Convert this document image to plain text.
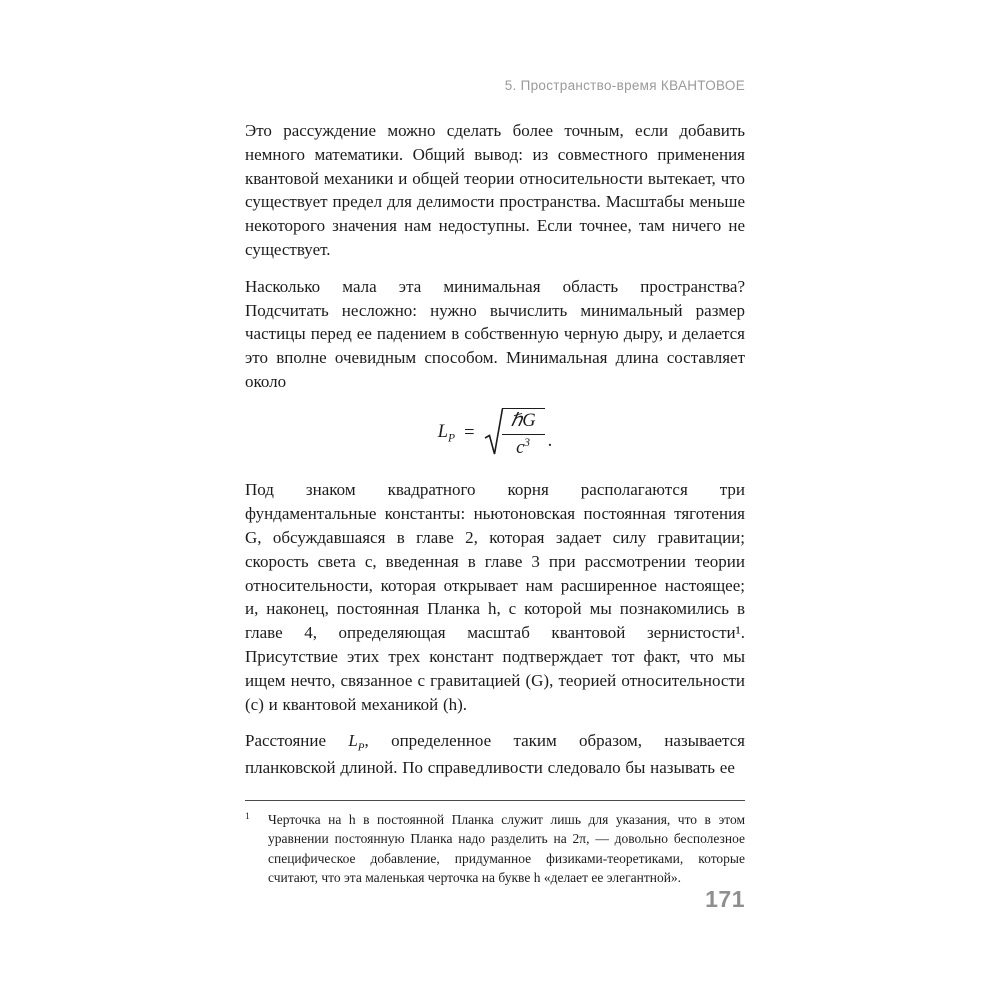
5. Пространство-время КВАНТОВОЕ

Это рассуждение можно сделать более точным, если добавить немного математики. Общий вывод: из совместного применения квантовой механики и общей теории относительности вытекает, что существует предел для делимости пространства. Масштабы меньше некоторого значения нам недоступны. Если точнее, там ничего не существует.

Насколько мала эта минимальная область пространства? Подсчитать несложно: нужно вычислить минимальный размер частицы перед ее падением в собственную черную дыру, и делается это вполне очевидным способом. Минимальная длина составляет около

$L_P = \frac{\text{ℏG}}{c^3}$ .

Под знаком квадратного корня располагаются три фундаментальные константы: ньютоновская постоянная тяготения G, обсуждавшаяся в главе 2, которая задает силу гравитации; скорость света c, введенная в главе 3 при рассмотрении теории относительности, которая открывает нам расширенное настоящее; и, наконец, постоянная Планка h, с которой мы познакомились в главе 4, определяющая масштаб квантовой зернистости¹. Присутствие этих трех констант подтверждает тот факт, что мы ищем нечто, связанное с гравитацией (G), теорией относительности (c) и квантовой механикой (h).

Расстояние $L_P$, определенное таким образом, называется планковской длиной. По справедливости следовало бы называть ее

1	Черточка на h в постоянной Планка служит лишь для указания, что в этом уравнении постоянную Планка надо разделить на 2π, — довольно бесполезное специфическое добавление, придуманное физиками-теоретиками, которые считают, что эта маленькая черточка на букве h «делает ее элегантной».
171
